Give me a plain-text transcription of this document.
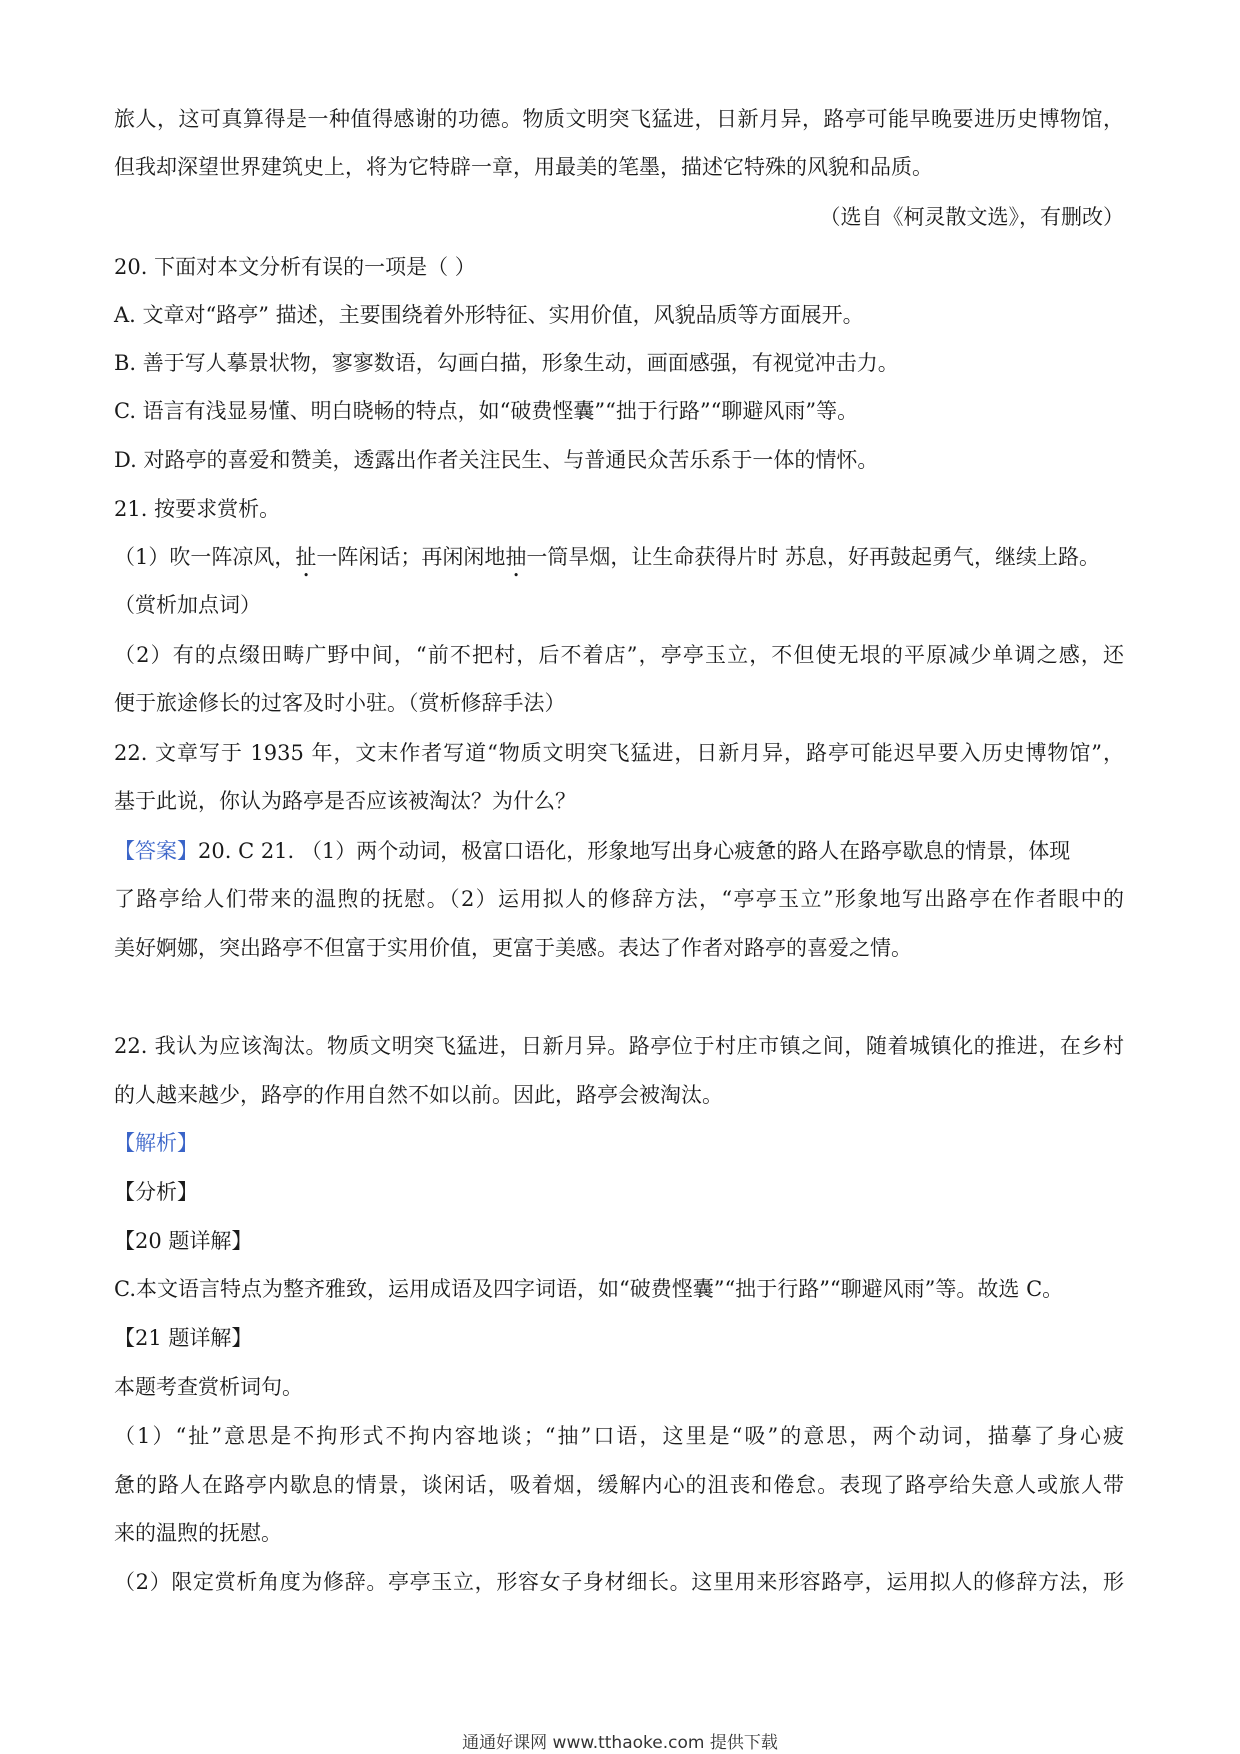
旅人，这可真算得是一种值得感谢的功德。物质文明突飞猛进，日新月异，路亭可能早晚要进历史博物馆，
但我却深望世界建筑史上，将为它特辟一章，用最美的笔墨，描述它特殊的风貌和品质。
（选自《柯灵散文选》，有删改）
20. 下面对本文分析有误的一项是（ ）
A. 文章对“路亭” 描述，主要围绕着外形特征、实用价值，风貌品质等方面展开。
B. 善于写人摹景状物，寥寥数语，勾画白描，形象生动，画面感强，有视觉冲击力。
C. 语言有浅显易懂、明白晓畅的特点，如“破费悭囊”“拙于行路”“聊避风雨”等。
D. 对路亭的喜爱和赞美，透露出作者关注民生、与普通民众苦乐系于一体的情怀。
21. 按要求赏析。
（1）吹一阵凉风，扯一阵闲话；再闲闲地抽一筒旱烟，让生命获得片时 苏息，好再鼓起勇气，继续上路。
（赏析加点词）
（2）有的点缀田畴广野中间，“前不把村，后不着店”，亭亭玉立，不但使无垠的平原减少单调之感，还
便于旅途修长的过客及时小驻。（赏析修辞手法）
22. 文章写于 1935 年，文末作者写道“物质文明突飞猛进，日新月异，路亭可能迟早要入历史博物馆”，
基于此说，你认为路亭是否应该被淘汰？为什么？
【答案】20. C 21. （1）两个动词，极富口语化，形象地写出身心疲惫的路人在路亭歇息的情景，体现
了路亭给人们带来的温煦的抚慰。（2）运用拟人的修辞方法，“亭亭玉立”形象地写出路亭在作者眼中的
美好婀娜，突出路亭不但富于实用价值，更富于美感。表达了作者对路亭的喜爱之情。
22. 我认为应该淘汰。物质文明突飞猛进，日新月异。路亭位于村庄市镇之间，随着城镇化的推进，在乡村
的人越来越少，路亭的作用自然不如以前。因此，路亭会被淘汰。
【解析】
【分析】
【20 题详解】
C.本文语言特点为整齐雅致，运用成语及四字词语，如“破费悭囊”“拙于行路”“聊避风雨”等。故选 C。
【21 题详解】
本题考查赏析词句。
（1）“扯”意思是不拘形式不拘内容地谈；“抽”口语，这里是“吸”的意思，两个动词，描摹了身心疲
惫的路人在路亭内歇息的情景，谈闲话，吸着烟，缓解内心的沮丧和倦怠。表现了路亭给失意人或旅人带
来的温煦的抚慰。
（2）限定赏析角度为修辞。亭亭玉立，形容女子身材细长。这里用来形容路亭，运用拟人的修辞方法，形
通通好课网 www.tthaoke.com 提供下载
